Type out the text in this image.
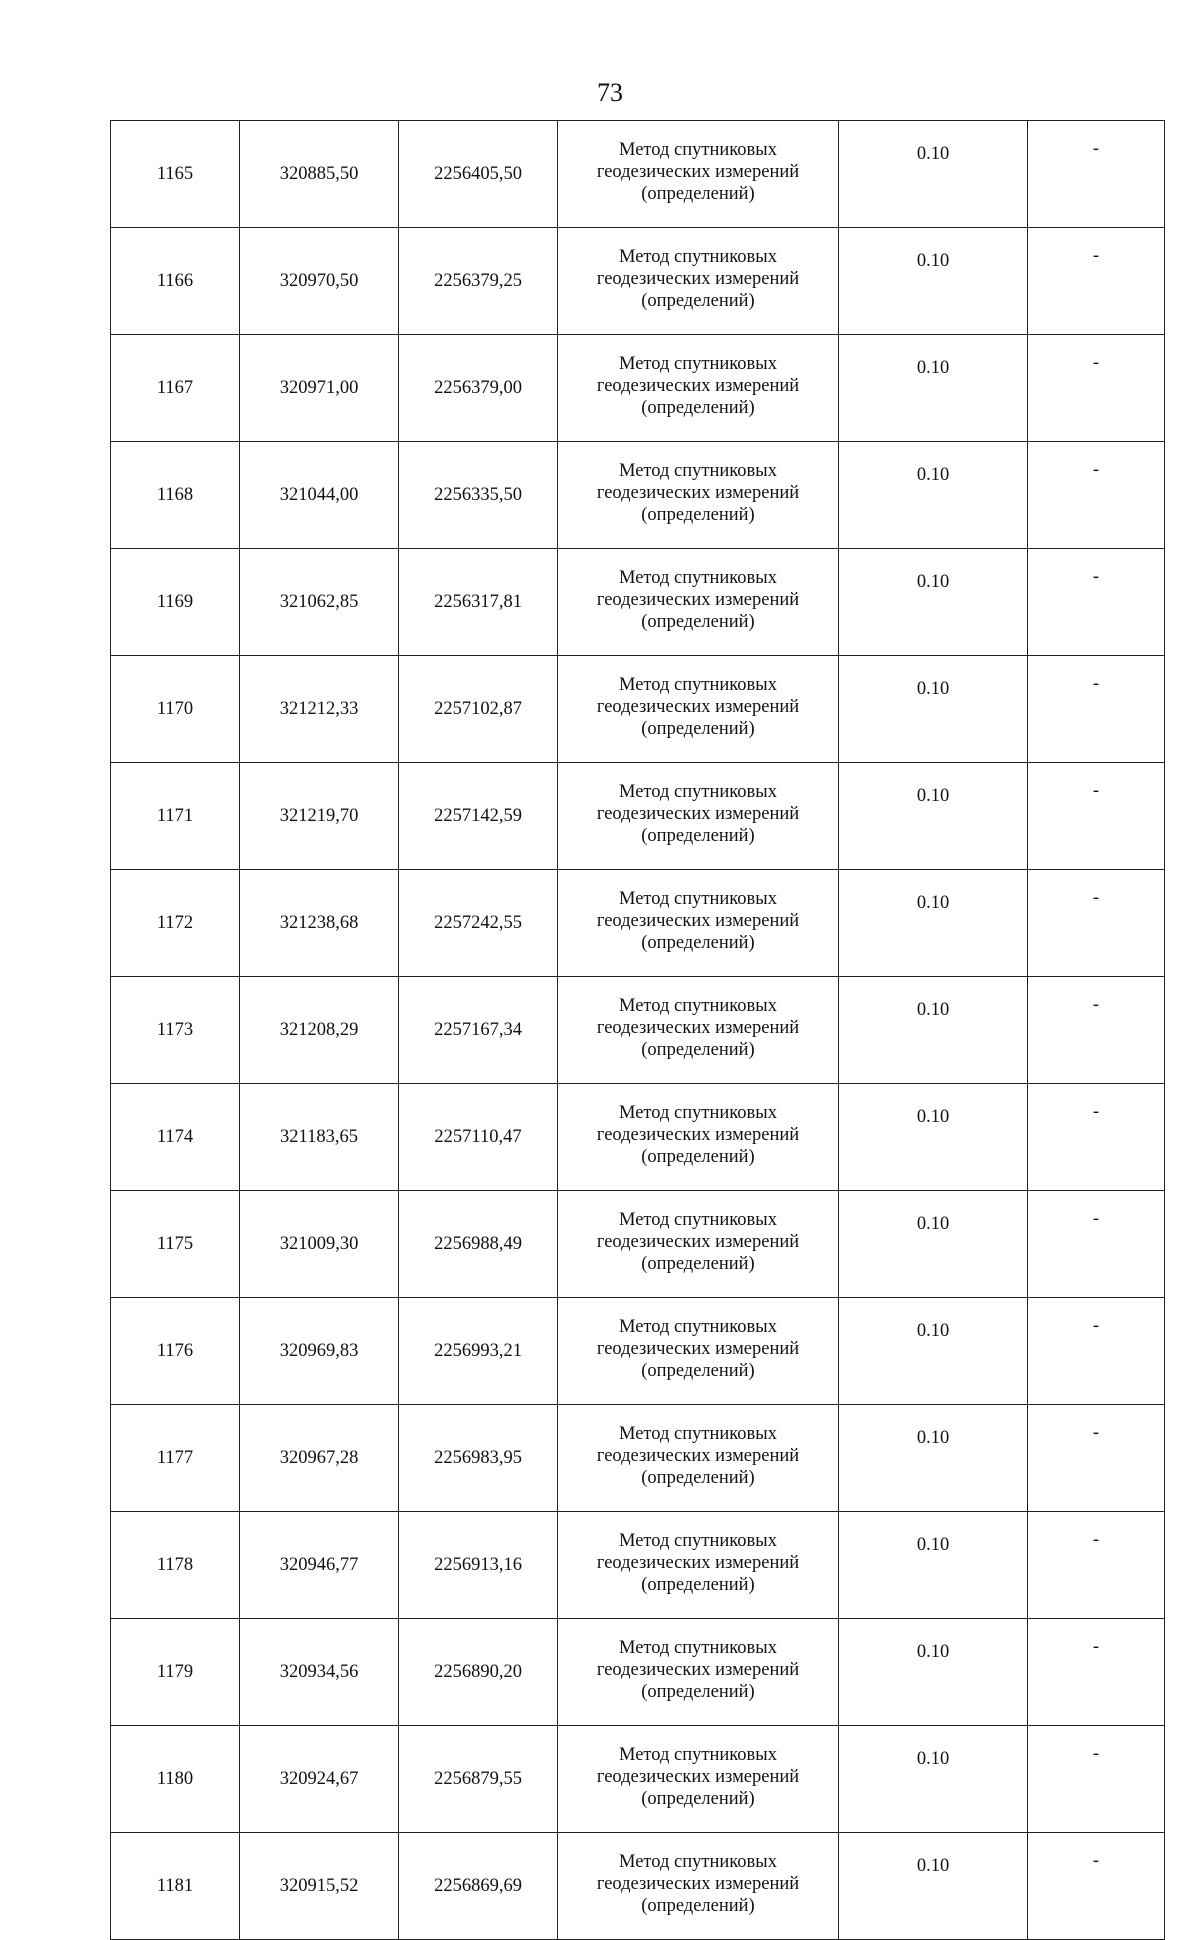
73
1165	320885,50	2256405,50	Метод спутниковых
геодезических измерений
(определений)	0.10	-
1166	320970,50	2256379,25	Метод спутниковых
геодезических измерений
(определений)	0.10	-
1167	320971,00	2256379,00	Метод спутниковых
геодезических измерений
(определений)	0.10	-
1168	321044,00	2256335,50	Метод спутниковых
геодезических измерений
(определений)	0.10	-
1169	321062,85	2256317,81	Метод спутниковых
геодезических измерений
(определений)	0.10	-
1170	321212,33	2257102,87	Метод спутниковых
геодезических измерений
(определений)	0.10	-
1171	321219,70	2257142,59	Метод спутниковых
геодезических измерений
(определений)	0.10	-
1172	321238,68	2257242,55	Метод спутниковых
геодезических измерений
(определений)	0.10	-
1173	321208,29	2257167,34	Метод спутниковых
геодезических измерений
(определений)	0.10	-
1174	321183,65	2257110,47	Метод спутниковых
геодезических измерений
(определений)	0.10	-
1175	321009,30	2256988,49	Метод спутниковых
геодезических измерений
(определений)	0.10	-
1176	320969,83	2256993,21	Метод спутниковых
геодезических измерений
(определений)	0.10	-
1177	320967,28	2256983,95	Метод спутниковых
геодезических измерений
(определений)	0.10	-
1178	320946,77	2256913,16	Метод спутниковых
геодезических измерений
(определений)	0.10	-
1179	320934,56	2256890,20	Метод спутниковых
геодезических измерений
(определений)	0.10	-
1180	320924,67	2256879,55	Метод спутниковых
геодезических измерений
(определений)	0.10	-
1181	320915,52	2256869,69	Метод спутниковых
геодезических измерений
(определений)	0.10	-
